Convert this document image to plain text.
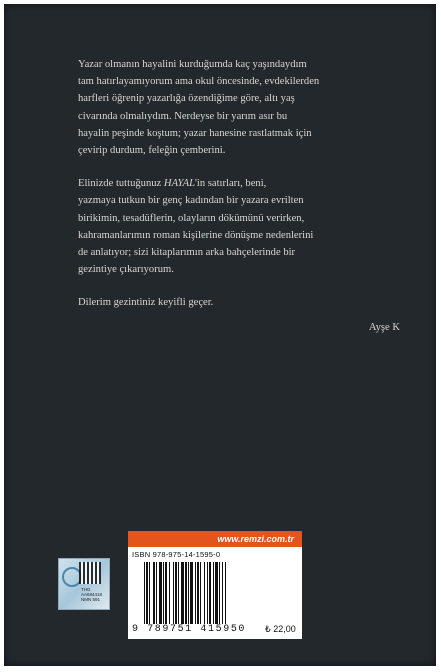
Yazar olmanın hayalini kurduğumda kaç yaşındaydım
tam hatırlayamıyorum ama okul öncesinde, evdekilerden
harfleri öğrenip yazarlığa özendiğime göre, altı yaş
civarında olmalıydım. Nerdeyse bir yarım asır bu
hayalin peşinde koştum; yazar hanesine rastlatmak için
çevirip durdum, feleğin çemberini.

Elinizde tuttuğunuz HAYAL'in satırları, beni,
yazmaya tutkun bir genç kadından bir yazara evrilten
birikimin, tesadüflerin, olayların dökümünü verirken,
kahramanlarımın roman kişilerine dönüşme nedenlerini
de anlatıyor; sizi kitaplarımın arka bahçelerinde bir
gezintiye çıkarıyorum.

Dilerim gezintiniz keyifli geçer.

Ayşe K
THG
AA684418
NMN 591
www.remzi.com.tr
ISBN 978-975-14-1595-0
9 789751 415950 ₺ 22,00
